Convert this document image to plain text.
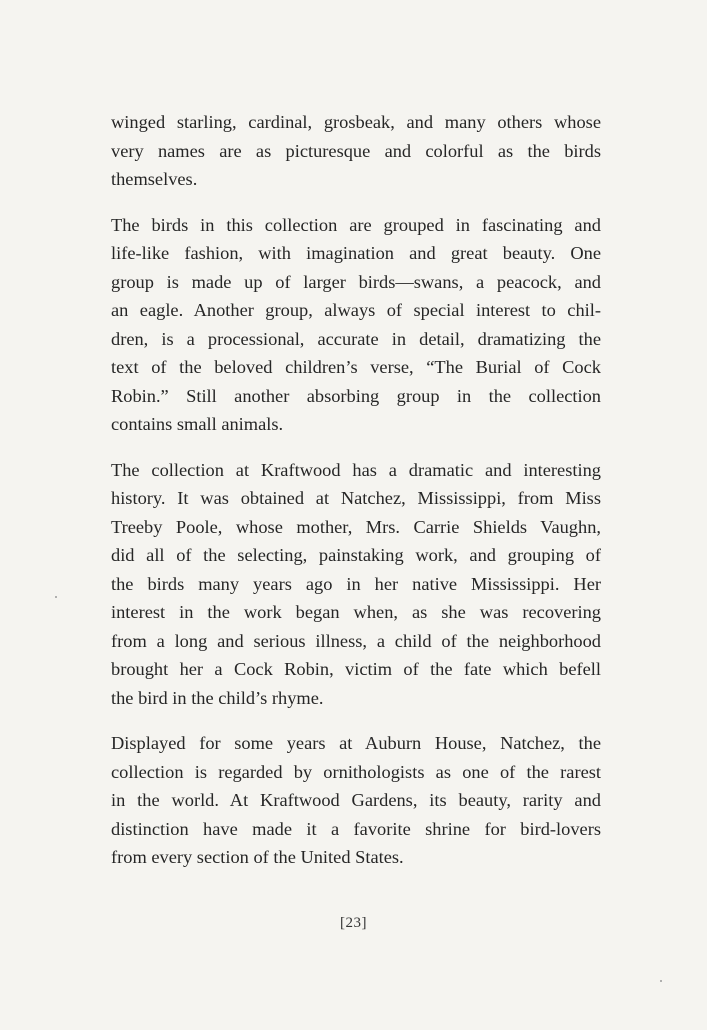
winged starling, cardinal, grosbeak, and many others whose
very names are as picturesque and colorful as the birds
themselves.

The birds in this collection are grouped in fascinating and
life-like fashion, with imagination and great beauty. One
group is made up of larger birds—swans, a peacock, and
an eagle. Another group, always of special interest to chil-
dren, is a processional, accurate in detail, dramatizing the
text of the beloved children’s verse, “The Burial of Cock
Robin.” Still another absorbing group in the collection
contains small animals.

The collection at Kraftwood has a dramatic and interesting
history. It was obtained at Natchez, Mississippi, from Miss
Treeby Poole, whose mother, Mrs. Carrie Shields Vaughn,
did all of the selecting, painstaking work, and grouping of
the birds many years ago in her native Mississippi. Her
interest in the work began when, as she was recovering
from a long and serious illness, a child of the neighborhood
brought her a Cock Robin, victim of the fate which befell
the bird in the child’s rhyme.

Displayed for some years at Auburn House, Natchez, the
collection is regarded by ornithologists as one of the rarest
in the world. At Kraftwood Gardens, its beauty, rarity and
distinction have made it a favorite shrine for bird-lovers
from every section of the United States.

[23]
